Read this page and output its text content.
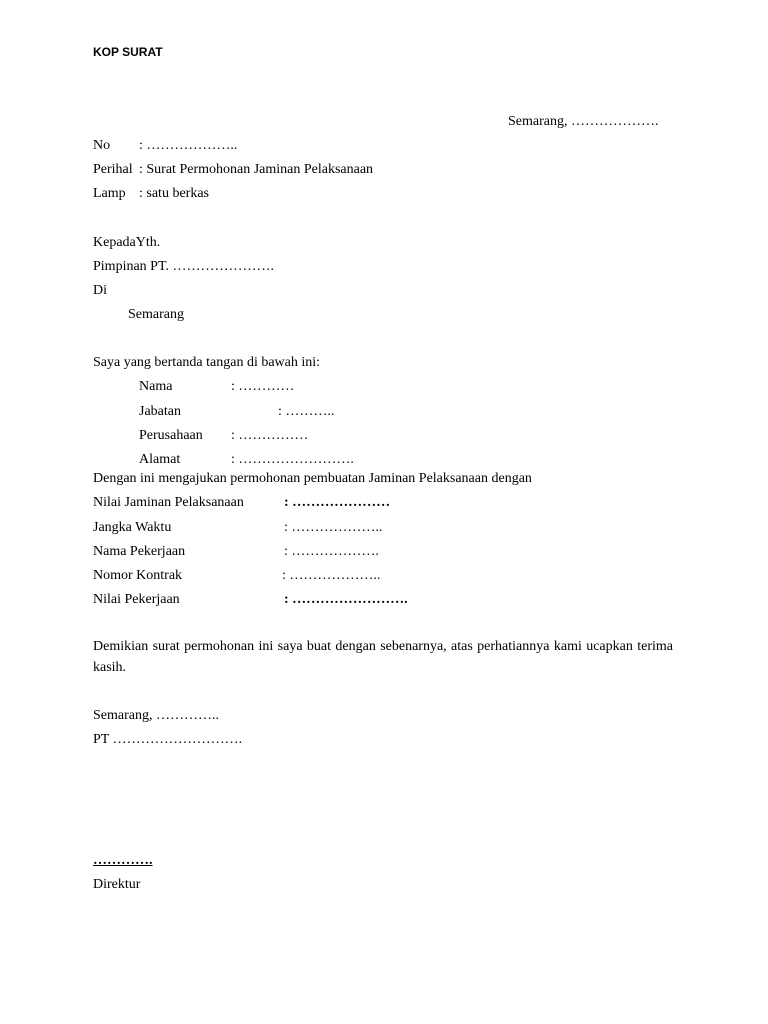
KOP SURAT
Semarang, ……………….
No : ………………..
Perihal : Surat Permohonan Jaminan Pelaksanaan
Lamp : satu berkas
KepadaYth.
Pimpinan PT. ………………….
Di
Semarang
Saya yang bertanda tangan di bawah ini:
Nama	: …………
Jabatan	: ………..
Perusahaan : ……………
Alamat	: …………………….
Dengan ini mengajukan permohonan pembuatan Jaminan Pelaksanaan dengan
Nilai Jaminan Pelaksanaan	: …………………
Jangka Waktu	: ………………..
Nama Pekerjaan	: ……………….
Nomor Kontrak	: ………………..
Nilai Pekerjaan	: …………………….
Demikian surat permohonan ini saya buat dengan sebenarnya, atas perhatiannya kami ucapkan terima kasih.
Semarang, …………..
PT ……………………….
………….
Direktur
